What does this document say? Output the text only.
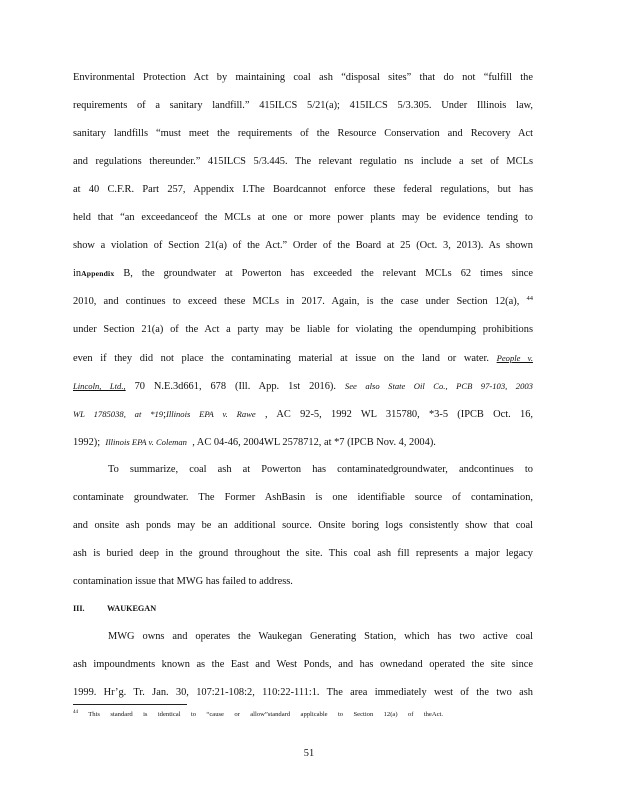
Environmental Protection Act by maintaining coal ash “disposal sites” that do not “fulfill the
requirements of a sanitary landfill.” 415ILCS 5/21(a); 415ILCS 5/3.305. Under Illinois law,
sanitary landfills “must meet the requirements of the Resource Conservation and Recovery Act
and regulations thereunder.” 415ILCS 5/3.445. The relevant regulatio ns include a set of MCLs
at 40 C.F.R. Part 257, Appendix I.The Boardcannot enforce these federal regulations, but has
held that “an exceedanceof the MCLs at one or more power plants may be evidence tending to
show a violation of Section 21(a) of the Act.” Order of the Board at 25 (Oct. 3, 2013). As shown
inAppendix B, the groundwater at Powerton has exceeded the relevant MCLs 62 times since
2010, and continues to exceed these MCLs in 2017. Again, is the case under Section 12(a), $^{44}$
under Section 21(a) of the Act a party may be liable for violating the opendumping prohibitions
even if they did not place the contaminating material at issue on the land or water. People v.
Lincoln, Ltd., 70 N.E.3d661, 678 (Ill. App. 1st 2016). See also State Oil Co., PCB 97-103, 2003
WL 1785038, at *19;Illinois EPA v. Rawe , AC 92-5, 1992 WL 315780, *3-5 (IPCB Oct. 16,
1992); Illinois EPA v. Coleman , AC 04-46, 2004WL 2578712, at *7 (IPCB Nov. 4, 2004).
To summarize, coal ash at Powerton has contaminatedgroundwater, andcontinues to
contaminate groundwater. The Former AshBasin is one identifiable source of contamination,
and onsite ash ponds may be an additional source. Onsite boring logs consistently show that coal
ash is buried deep in the ground throughout the site. This coal ash fill represents a major legacy
contamination issue that MWG has failed to address.
III.	WAUKEGAN
MWG owns and operates the Waukegan Generating Station, which has two active coal
ash impoundments known as the East and West Ponds, and has ownedand operated the site since
1999. Hr’g. Tr. Jan. 30, 107:21-108:2, 110:22-111:1. The area immediately west of the two ash
$^{44}$ This standard is identical to “cause or allow”standard applicable to Section 12(a) of theAct.
51
